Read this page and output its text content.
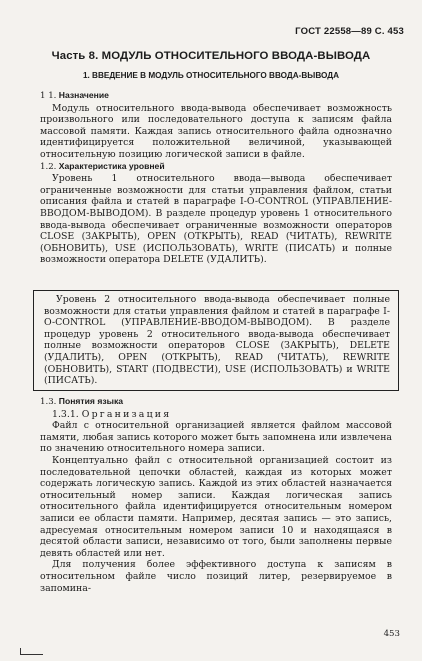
ГОСТ 22558—89 С. 453
Часть 8. МОДУЛЬ ОТНОСИТЕЛЬНОГО ВВОДА-ВЫВОДА
1. ВВЕДЕНИЕ В МОДУЛЬ ОТНОСИТЕЛЬНОГО ВВОДА-ВЫВОДА

1 1. Назначение

Модуль относительного ввода-вывода обеспечивает возможность произвольного или последовательного доступа к записям файла массовой памяти. Каждая запись относительного файла однозначно идентифицируется положительной величиной, указывающей относительную позицию логической записи в файле.

1.2. Характеристика уровней

Уровень 1 относительного ввода—вывода обеспечивает ограниченные возможности для статьи управления файлом, статьи описания файла и статей в параграфе I-O-CONTROL (УПРАВЛЕНИЕ-ВВОДОМ-ВЫВОДОМ). В разделе процедур уровень 1 относительного ввода-вывода обеспечивает ограниченные возможности операторов CLOSE (ЗАКРЫТЬ), OPEN (ОТКРЫТЬ), READ (ЧИТАТЬ), REWRITE (ОБНОВИТЬ), USE (ИСПОЛЬЗОВАТЬ), WRITE (ПИСАТЬ) и полные возможности оператора DELETE (УДАЛИТЬ).

Уровень 2 относительного ввода-вывода обеспечивает полные возможности для статьи управления файлом и статей в параграфе I-O-CONTROL (УПРАВЛЕНИЕ-ВВОДОМ-ВЫВОДОМ). В разделе процедур уровень 2 относительного ввода-вывода обеспечивает полные возможности операторов CLOSE (ЗАКРЫТЬ), DELETE (УДАЛИТЬ), OPEN (ОТКРЫТЬ), READ (ЧИТАТЬ), REWRITE (ОБНОВИТЬ), START (ПОДВЕСТИ), USE (ИСПОЛЬЗОВАТЬ) и WRITE (ПИСАТЬ).

1.3. Понятия языка

1.3.1. Организация

Файл с относительной организацией является файлом массовой памяти, любая запись которого может быть запомнена или извлечена по значению относительного номера записи.

Концептуально файл с относительной организацией состоит из последовательной цепочки областей, каждая из которых может содержать логическую запись. Каждой из этих областей назначается относительный номер записи. Каждая логическая запись относительного файла идентифицируется относительным номером записи ее области памяти. Например, десятая запись — это запись, адресуемая относительным номером записи 10 и находящаяся в десятой области записи, независимо от того, были заполнены первые девять областей или нет.

Для получения более эффективного доступа к записям в относительном файле число позиций литер, резервируемое в запомина-

453
